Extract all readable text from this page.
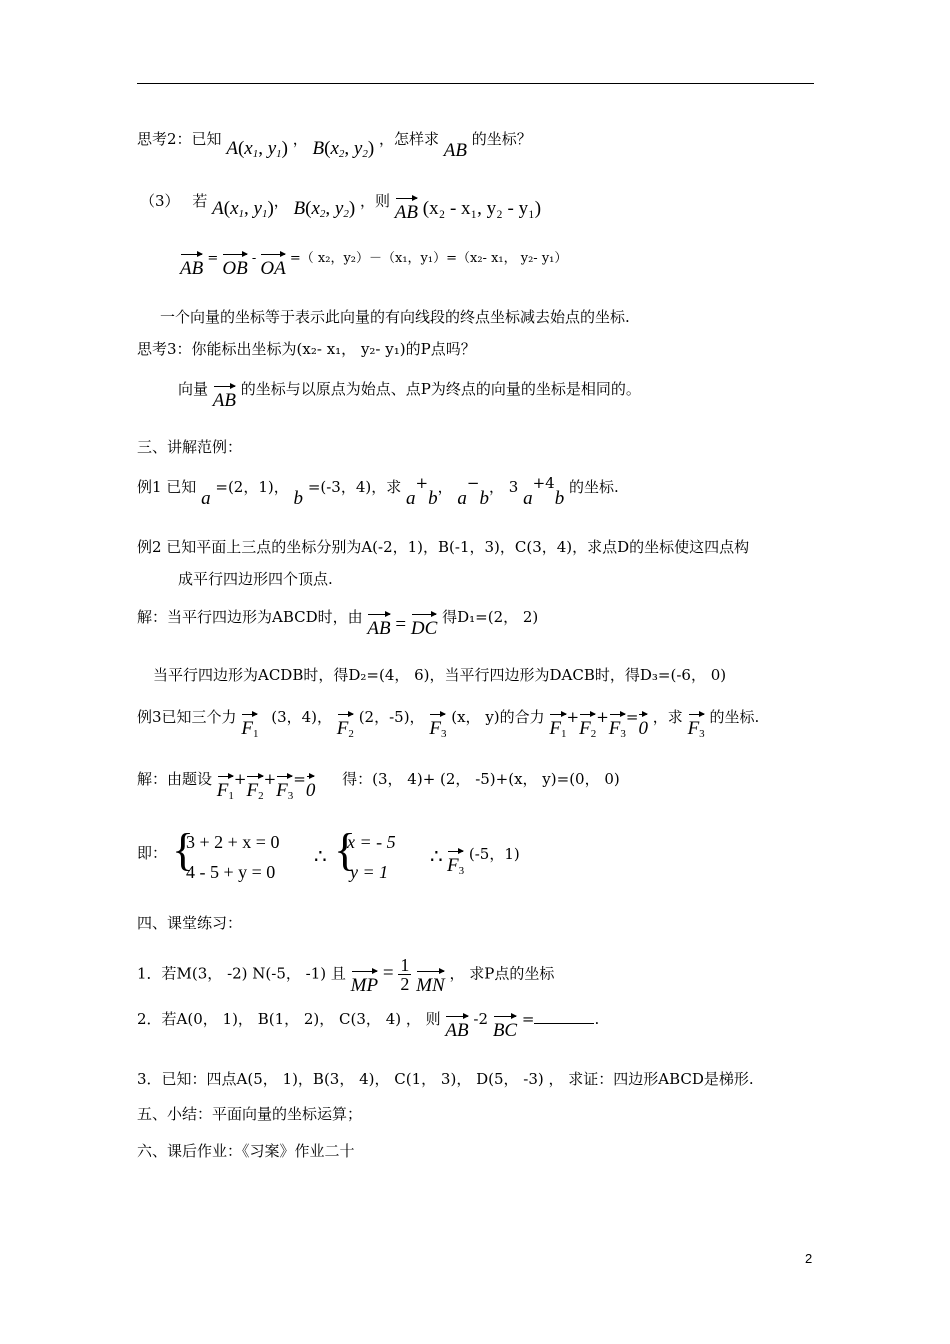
思考2：已知 $A(x_1$, $y_1$) ， $B(x_2$, $y_2$) ，怎样求 AB 的坐标？
（3） 若 $A(x_1$, $y_1$)， $B(x_2$, $y_2$) ，则 AB (x₂ - x₁, y₂ - y₁)
AB = OB - OA =（ x₂，y₂）－（x₁，y₁）=（x₂- x₁， y₂- y₁）
一个向量的坐标等于表示此向量的有向线段的终点坐标减去始点的坐标.
思考3：你能标出坐标为(x₂- x₁， y₂- y₁)的P点吗？
向量 AB 的坐标与以原点为始点、点P为终点的向量的坐标是相同的。
三、讲解范例：
例1 已知 a =(2，1)， b =(-3，4)，求 a+b， a−b， 3 a+4b 的坐标.
例2 已知平面上三点的坐标分别为A(-2，1)，B(-1，3)，C(3，4)，求点D的坐标使这四点构
成平行四边形四个顶点.
解：当平行四边形为ABCD时，由 AB = DC 得D₁=(2， 2)
当平行四边形为ACDB时，得D₂=(4， 6)，当平行四边形为DACB时，得D₃=(-6， 0)
例3已知三个力 $F_1$ (3，4)， $F_2$ (2，-5)， $F_3$ (x， y)的合力 $F_1+F_2+F_3=0$ ，求 $F_3$ 的坐标.
解：由题设 $F_1+F_2+F_3=0$ 得：(3， 4)+ (2， -5)+(x， y)=(0， 0)
即： {
3 + 2 + x = 0
4 - 5 + y = 0
∴ {
x = - 5
y = 1
∴ $F_3$ (-5，1)
四、课堂练习：
1．若M(3， -2) N(-5， -1) 且 MP = $\frac{1}{2}$ MN ， 求P点的坐标
2．若A(0， 1)， B(1， 2)， C(3， 4) ， 则 AB -2 BC =	.
3．已知：四点A(5， 1)，B(3， 4)， C(1， 3)， D(5， -3) ， 求证：四边形ABCD是梯形.
五、小结：平面向量的坐标运算；
六、课后作业：《习案》作业二十
2
